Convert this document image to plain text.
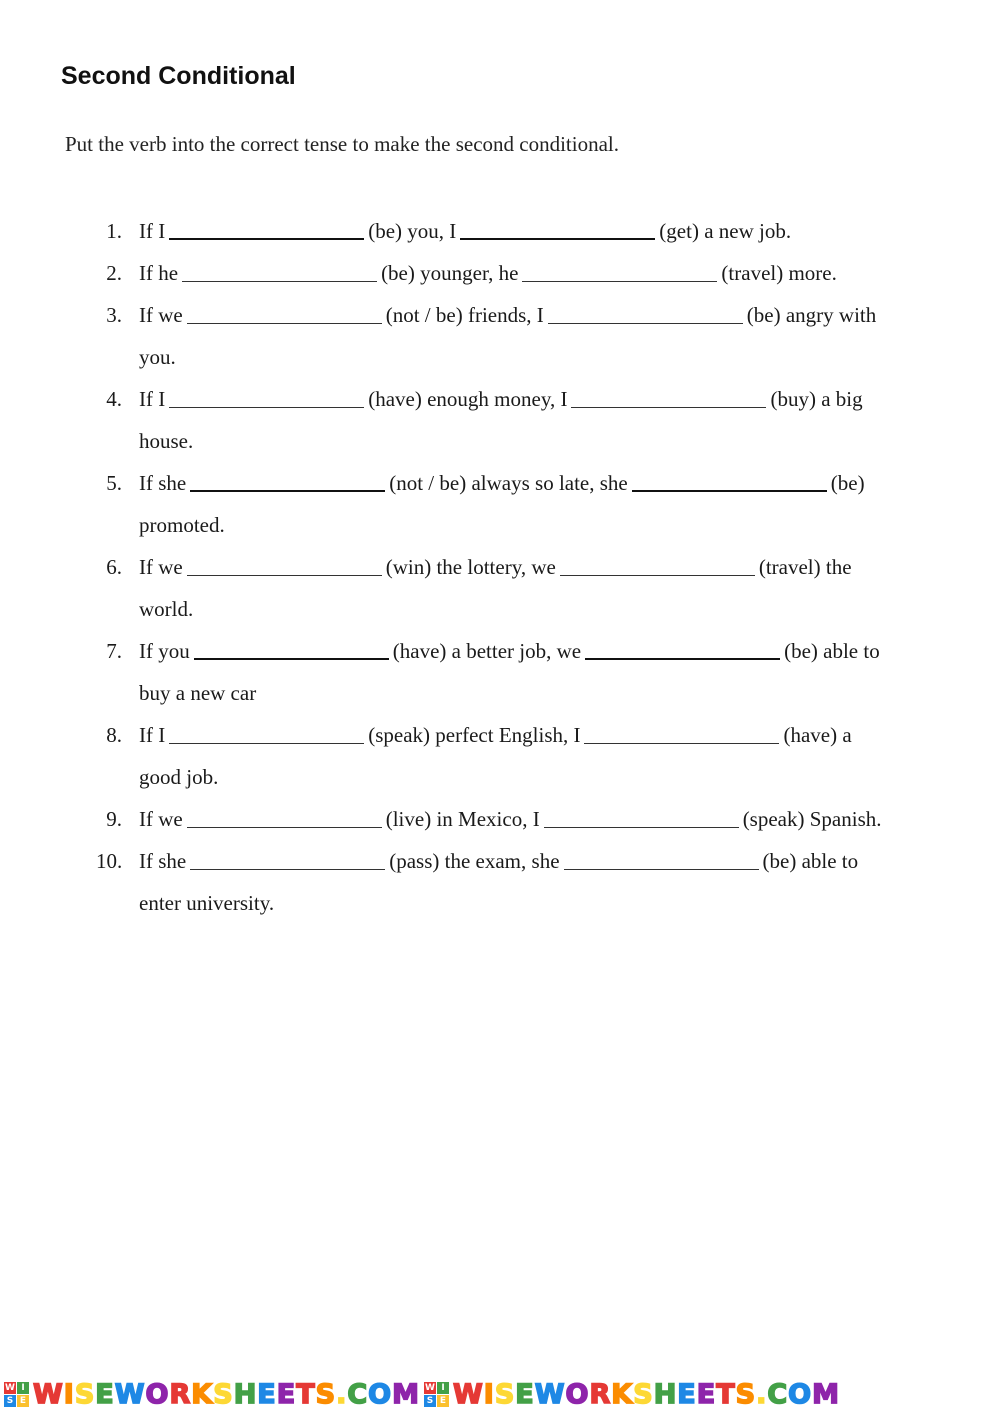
Second Conditional
Put the verb into the correct tense to make the second conditional.
1. If I	(be) you, I	(get) a new job.
2. If he	(be) younger, he	(travel) more.
3. If we	(not / be) friends, I	(be) angry with
you.
4. If I	(have) enough money, I	(buy) a big
house.
5. If she	(not / be) always so late, she	(be)
promoted.
6. If we	(win) the lottery, we	(travel) the
world.
7. If you	(have) a better job, we	(be) able to
buy a new car
8. If I	(speak) perfect English, I	(have) a
good job.
9. If we	(live) in Mexico, I	(speak) Spanish.
10. If she	(pass) the exam, she	(be) able to
enter university.
W I
S E WISEWORKSHEETS.COM W I
S E WISEWORKSHEETS.COM
